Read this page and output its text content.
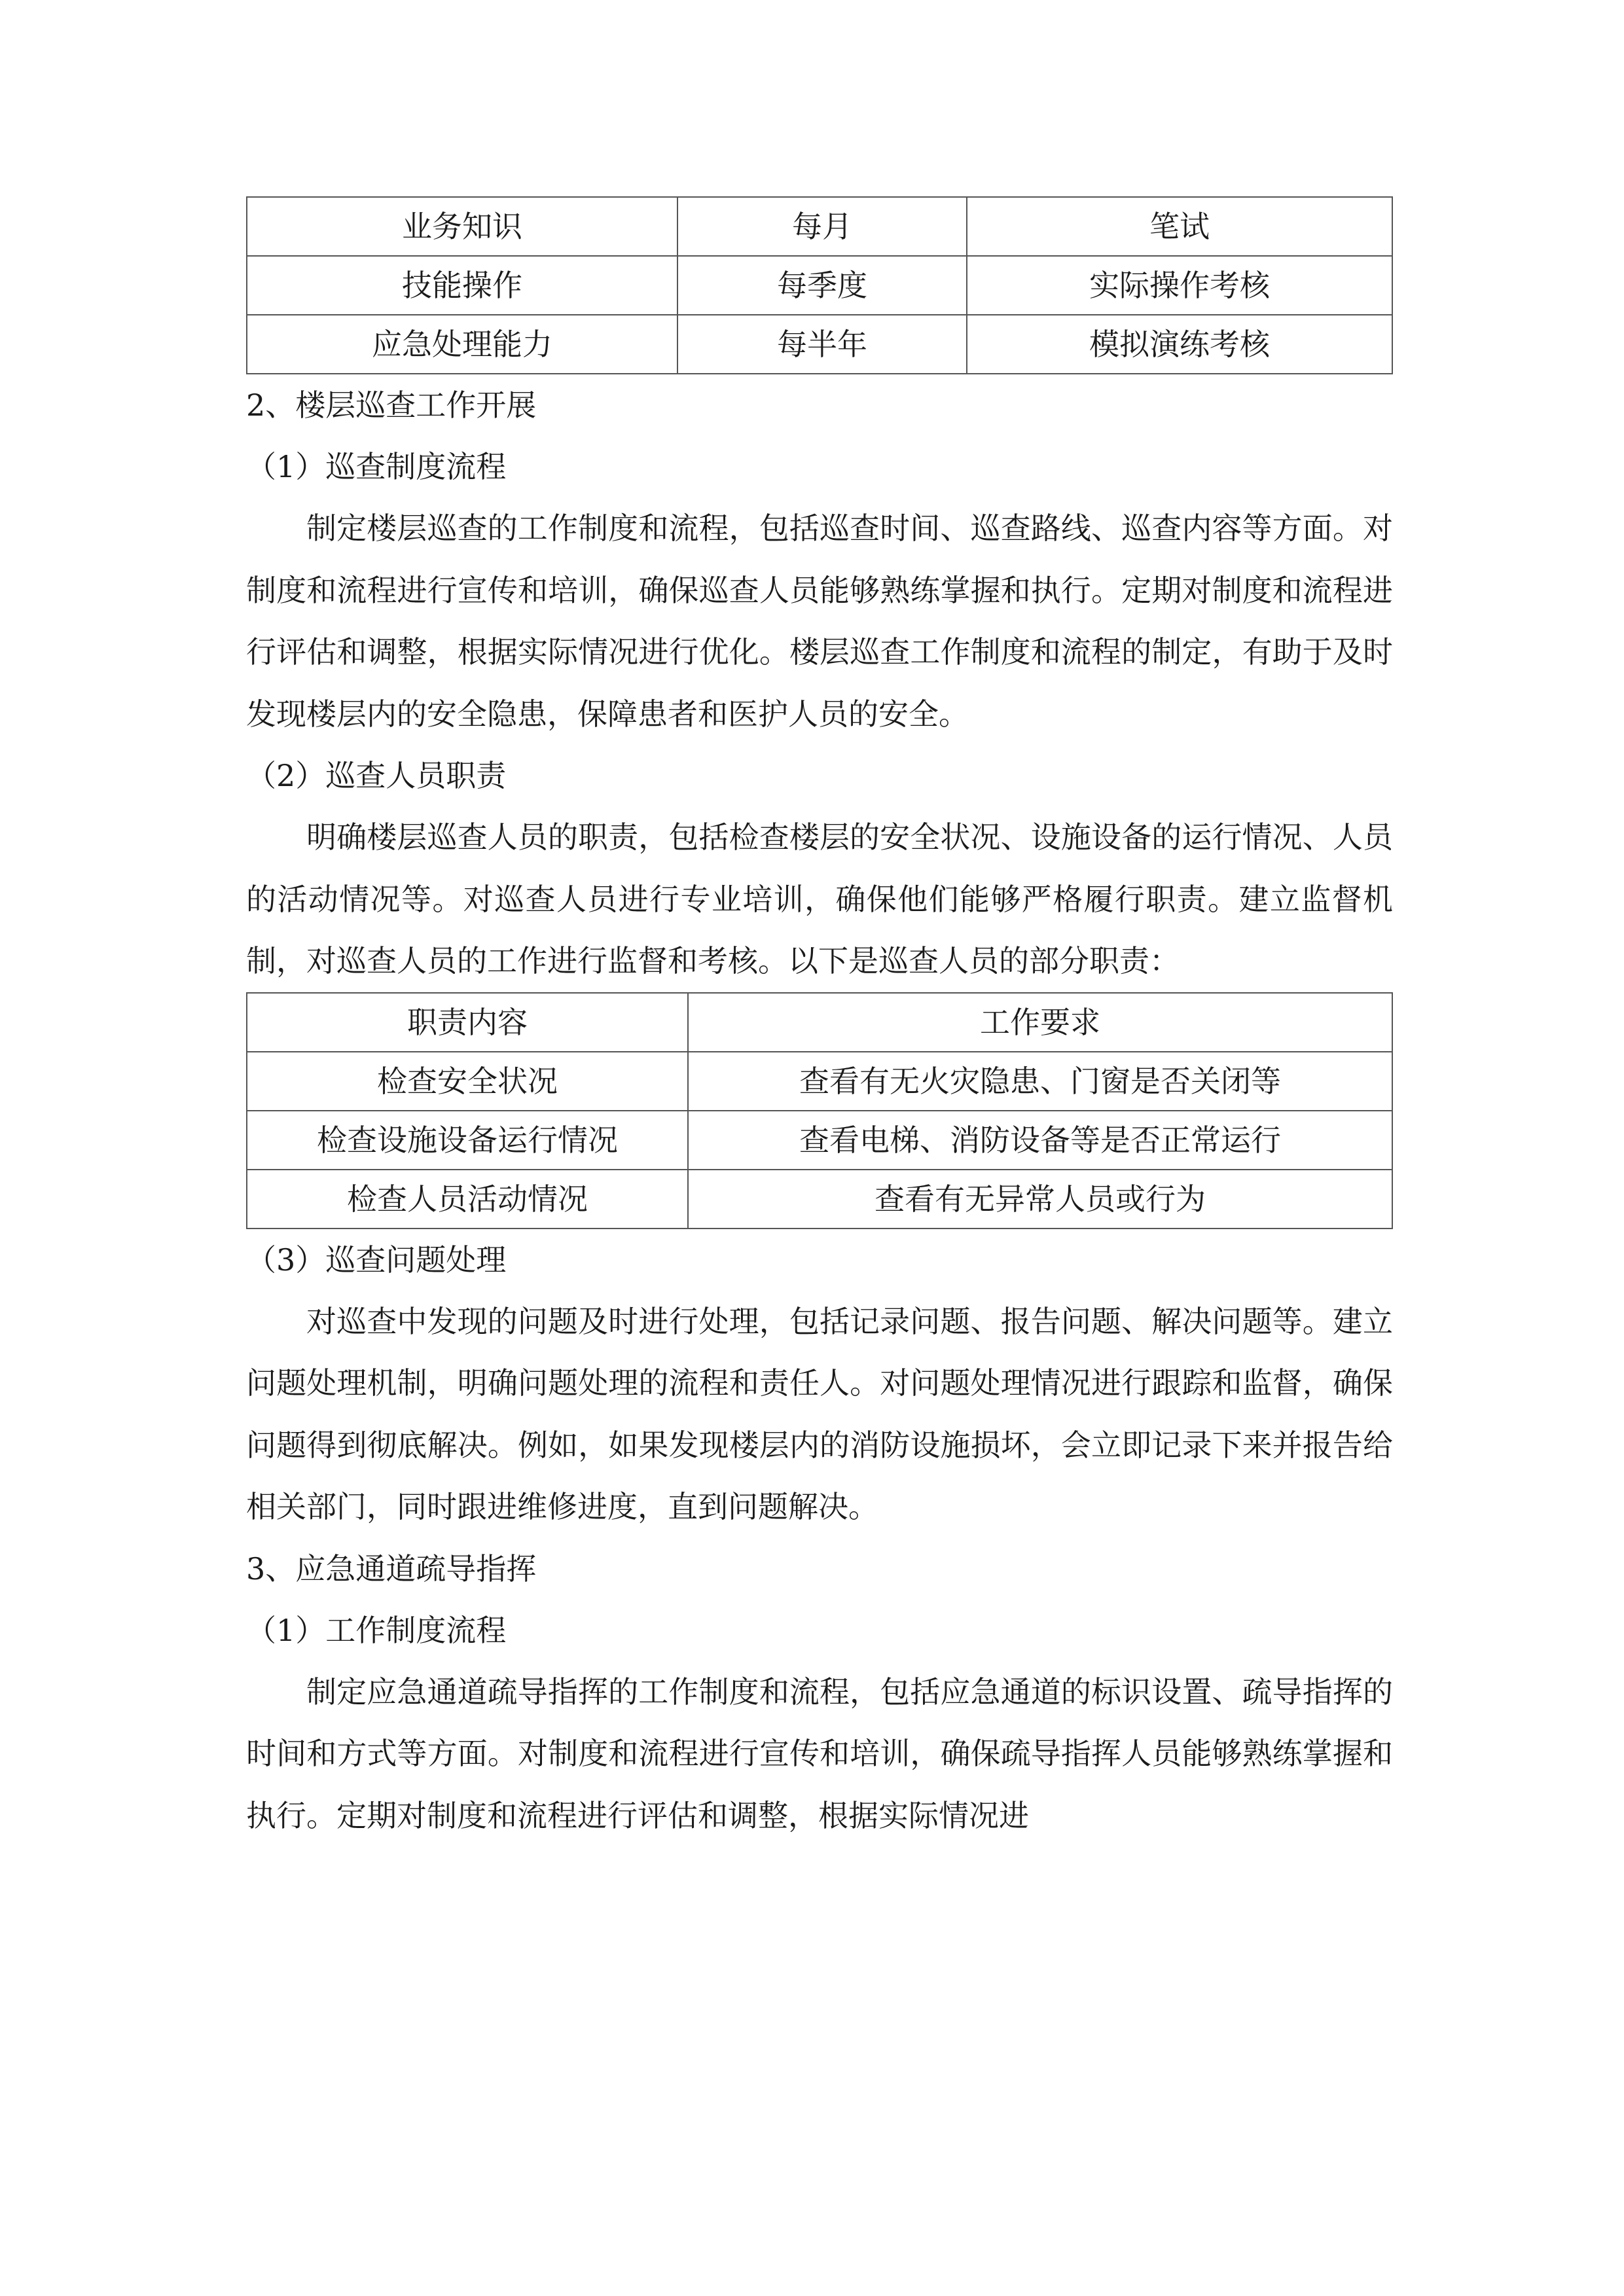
业务知识	每月	笔试
技能操作	每季度	实际操作考核
应急处理能力	每半年	模拟演练考核

2、楼层巡查工作开展

（1）巡查制度流程

制定楼层巡查的工作制度和流程，包括巡查时间、巡查路线、巡查内容等方面。对制度和流程进行宣传和培训，确保巡查人员能够熟练掌握和执行。定期对制度和流程进行评估和调整，根据实际情况进行优化。楼层巡查工作制度和流程的制定，有助于及时发现楼层内的安全隐患，保障患者和医护人员的安全。

（2）巡查人员职责

明确楼层巡查人员的职责，包括检查楼层的安全状况、设施设备的运行情况、人员的活动情况等。对巡查人员进行专业培训，确保他们能够严格履行职责。建立监督机制，对巡查人员的工作进行监督和考核。以下是巡查人员的部分职责：

职责内容	工作要求
检查安全状况	查看有无火灾隐患、门窗是否关闭等
检查设施设备运行情况	查看电梯、消防设备等是否正常运行
检查人员活动情况	查看有无异常人员或行为

（3）巡查问题处理

对巡查中发现的问题及时进行处理，包括记录问题、报告问题、解决问题等。建立问题处理机制，明确问题处理的流程和责任人。对问题处理情况进行跟踪和监督，确保问题得到彻底解决。例如，如果发现楼层内的消防设施损坏，会立即记录下来并报告给相关部门，同时跟进维修进度，直到问题解决。

3、应急通道疏导指挥

（1）工作制度流程

制定应急通道疏导指挥的工作制度和流程，包括应急通道的标识设置、疏导指挥的时间和方式等方面。对制度和流程进行宣传和培训，确保疏导指挥人员能够熟练掌握和执行。定期对制度和流程进行评估和调整，根据实际情况进
